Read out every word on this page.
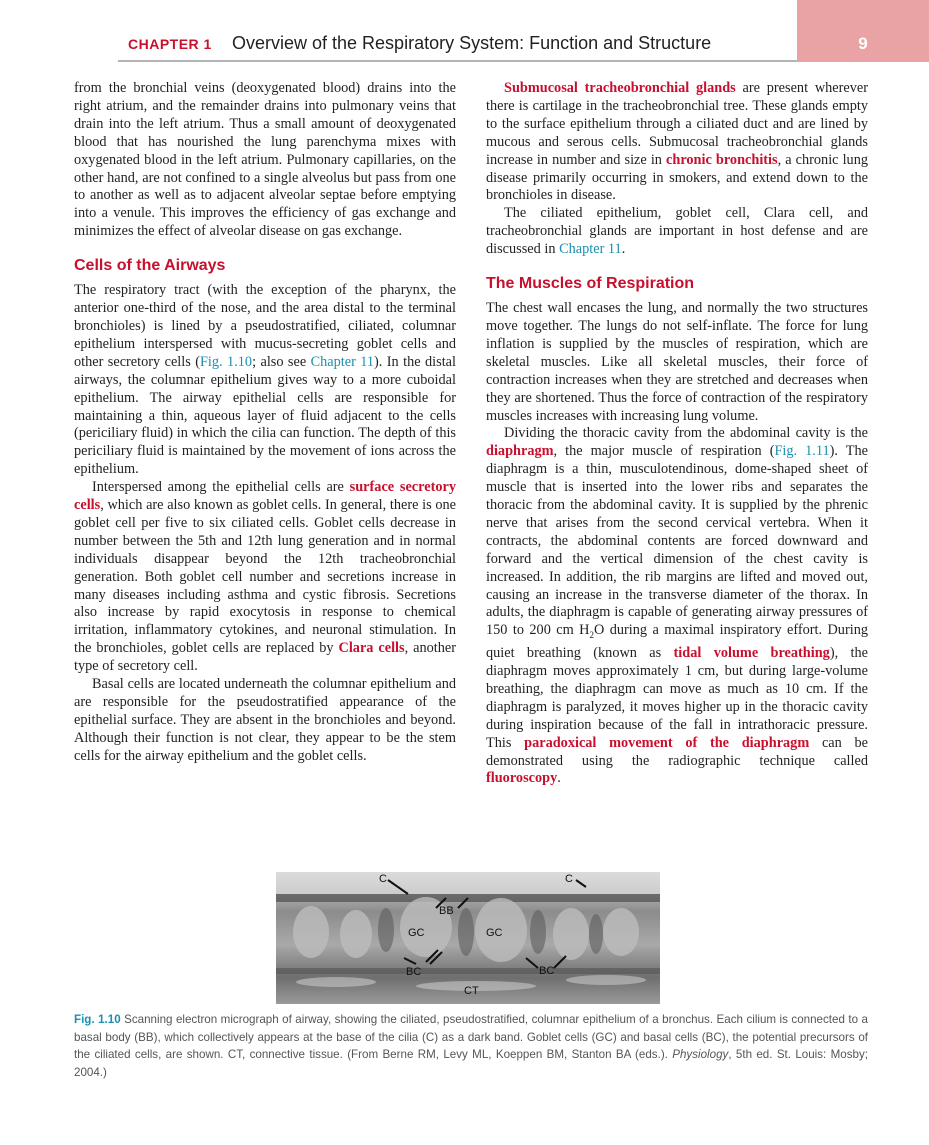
CHAPTER 1 Overview of the Respiratory System: Function and Structure	9

from the bronchial veins (deoxygenated blood) drains into the right atrium, and the remainder drains into pulmonary veins that drain into the left atrium. Thus a small amount of deoxygenated blood that has nourished the lung parenchyma mixes with oxygenated blood in the left atrium. Pulmonary capillaries, on the other hand, are not confined to a single alveolus but pass from one to another as well as to adjacent alveolar septae before emptying into a venule. This improves the efficiency of gas exchange and minimizes the effect of alveolar disease on gas exchange.

Cells of the Airways

The respiratory tract (with the exception of the pharynx, the anterior one-third of the nose, and the area distal to the terminal bronchioles) is lined by a pseudostratified, ciliated, columnar epithelium interspersed with mucus-secreting goblet cells and other secretory cells (Fig. 1.10; also see Chapter 11). In the distal airways, the columnar epithelium gives way to a more cuboidal epithelium. The airway epithelial cells are responsible for maintaining a thin, aqueous layer of fluid adjacent to the cells (periciliary fluid) in which the cilia can function. The depth of this periciliary fluid is maintained by the movement of ions across the epithelium.

Interspersed among the epithelial cells are surface secretory cells, which are also known as goblet cells. In general, there is one goblet cell per five to six ciliated cells. Goblet cells decrease in number between the 5th and 12th lung generation and in normal individuals disappear beyond the 12th tracheobronchial generation. Both goblet cell number and secretions increase in many diseases including asthma and cystic fibrosis. Secretions also increase by rapid exocytosis in response to chemical irritation, inflammatory cytokines, and neuronal stimulation. In the bronchioles, goblet cells are replaced by Clara cells, another type of secretory cell.

Basal cells are located underneath the columnar epithelium and are responsible for the pseudostratified appearance of the epithelial surface. They are absent in the bronchioles and beyond. Although their function is not clear, they appear to be the stem cells for the airway epithelium and the goblet cells.

Submucosal tracheobronchial glands are present wherever there is cartilage in the tracheobronchial tree. These glands empty to the surface epithelium through a ciliated duct and are lined by mucous and serous cells. Submucosal tracheobronchial glands increase in number and size in chronic bronchitis, a chronic lung disease primarily occurring in smokers, and extend down to the bronchioles in disease.

The ciliated epithelium, goblet cell, Clara cell, and tracheobronchial glands are important in host defense and are discussed in Chapter 11.

The Muscles of Respiration

The chest wall encases the lung, and normally the two structures move together. The lungs do not self-inflate. The force for lung inflation is supplied by the muscles of respiration, which are skeletal muscles. Like all skeletal muscles, their force of contraction increases when they are stretched and decreases when they are shortened. Thus the force of contraction of the respiratory muscles increases with increasing lung volume.

Dividing the thoracic cavity from the abdominal cavity is the diaphragm, the major muscle of respiration (Fig. 1.11). The diaphragm is a thin, musculotendinous, dome-shaped sheet of muscle that is inserted into the lower ribs and separates the thoracic from the abdominal cavity. It is supplied by the phrenic nerve that arises from the second cervical vertebra. When it contracts, the abdominal contents are forced downward and forward and the vertical dimension of the chest cavity is increased. In addition, the rib margins are lifted and moved out, causing an increase in the transverse diameter of the thorax. In adults, the diaphragm is capable of generating airway pressures of 150 to 200 cm $H_2O$ during a maximal inspiratory effort. During quiet breathing (known as tidal volume breathing), the diaphragm moves approximately 1 cm, but during large-volume breathing, the diaphragm can move as much as 10 cm. If the diaphragm is paralyzed, it moves higher up in the thoracic cavity during inspiration because of the fall in intrathoracic pressure. This paradoxical movement of the diaphragm can be demonstrated using the radiographic technique called fluoroscopy.

C	C
BB
GC	GC
BC	BC
CT
Fig. 1.10 Scanning electron micrograph of airway, showing the ciliated, pseudostratified, columnar epithelium of a bronchus. Each cilium is connected to a basal body (BB), which collectively appears at the base of the cilia (C) as a dark band. Goblet cells (GC) and basal cells (BC), the potential precursors of the ciliated cells, are shown. CT, connective tissue. (From Berne RM, Levy ML, Koeppen BM, Stanton BA (eds.). Physiology, 5th ed. St. Louis: Mosby; 2004.)
